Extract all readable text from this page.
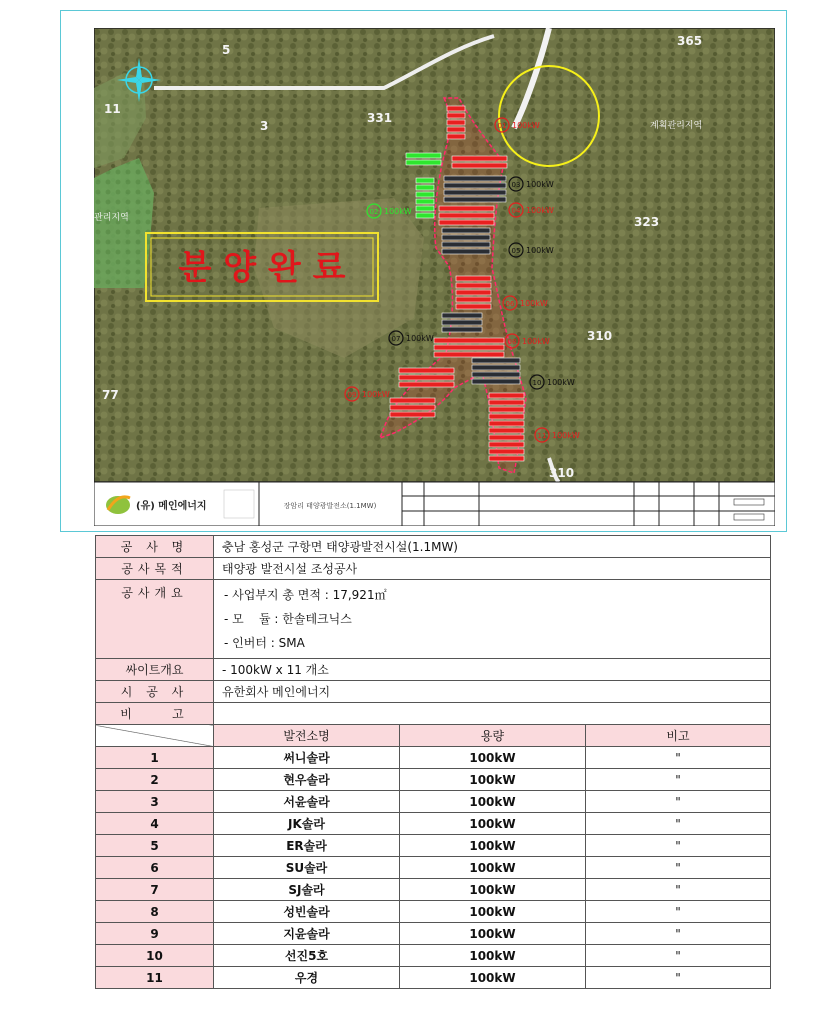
01 100kW
02 100kW
03 100kW
04 100kW
05 100kW
06 100kW
07 100kW	08 100kW
09 100kW
10 100kW
11 100kW
331
323
310
365
310
11
5
3
77
계획관리지역
관리지역
분 양 완 료
(유) 메인에너지	장암리 태양광발전소(1.1MW)
공 사 명	충남 홍성군 구항면 태양광발전시설(1.1MW)		
공사목적	태양광 발전시설 조성공사		
공사개요	- 사업부지 총 면적 : 17,921㎡
- 모    듈 : 한솔테크닉스
- 인버터 : SMA		

싸이트개요	- 100kW x 11 개소		
시 공 사	유한회사 메인에너지		
비    고			
	발전소명	용량	비고
1	써니솔라	100kW	"
2	현우솔라	100kW	"
3	서윤솔라	100kW	"
4	JK솔라	100kW	"
5	ER솔라	100kW	"
6	SU솔라	100kW	"
7	SJ솔라	100kW	"
8	성빈솔라	100kW	"
9	지윤솔라	100kW	"
10	선진5호	100kW	"
11	우경	100kW	"
